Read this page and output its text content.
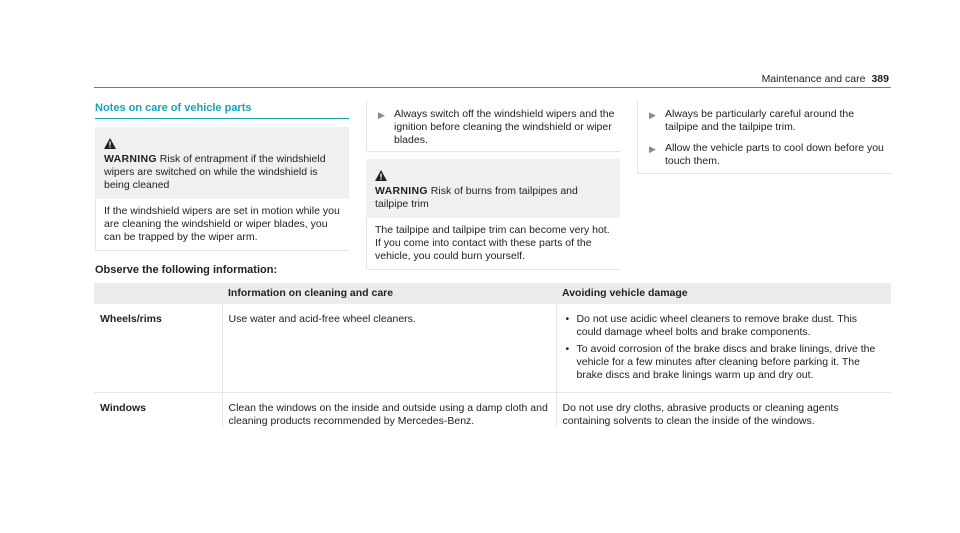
Maintenance and care 389
Notes on care of vehicle parts
WARNING Risk of entrapment if the windshield wipers are switched on while the windshield is being cleaned
If the windshield wipers are set in motion while you are cleaning the windshield or wiper blades, you can be trapped by the wiper arm.
▶ Always switch off the windshield wipers and the ignition before cleaning the windshield or wiper blades.
WARNING Risk of burns from tailpipes and tailpipe trim
The tailpipe and tailpipe trim can become very hot. If you come into contact with these parts of the vehicle, you could burn yourself.
▶ Always be particularly careful around the tailpipe and the tailpipe trim.
▶ Allow the vehicle parts to cool down before you touch them.
Observe the following information:
	Information on cleaning and care	Avoiding vehicle damage
Wheels/rims	Use water and acid-free wheel cleaners.	• Do not use acidic wheel cleaners to remove brake dust. This could damage wheel bolts and brake components.
• To avoid corrosion of the brake discs and brake linings, drive the vehicle for a few minutes after cleaning before parking it. The brake discs and brake linings warm up and dry out.

Windows	Clean the windows on the inside and outside using a damp cloth and cleaning products recommended by Mercedes-Benz.	Do not use dry cloths, abrasive products or cleaning agents containing solvents to clean the inside of the windows.
